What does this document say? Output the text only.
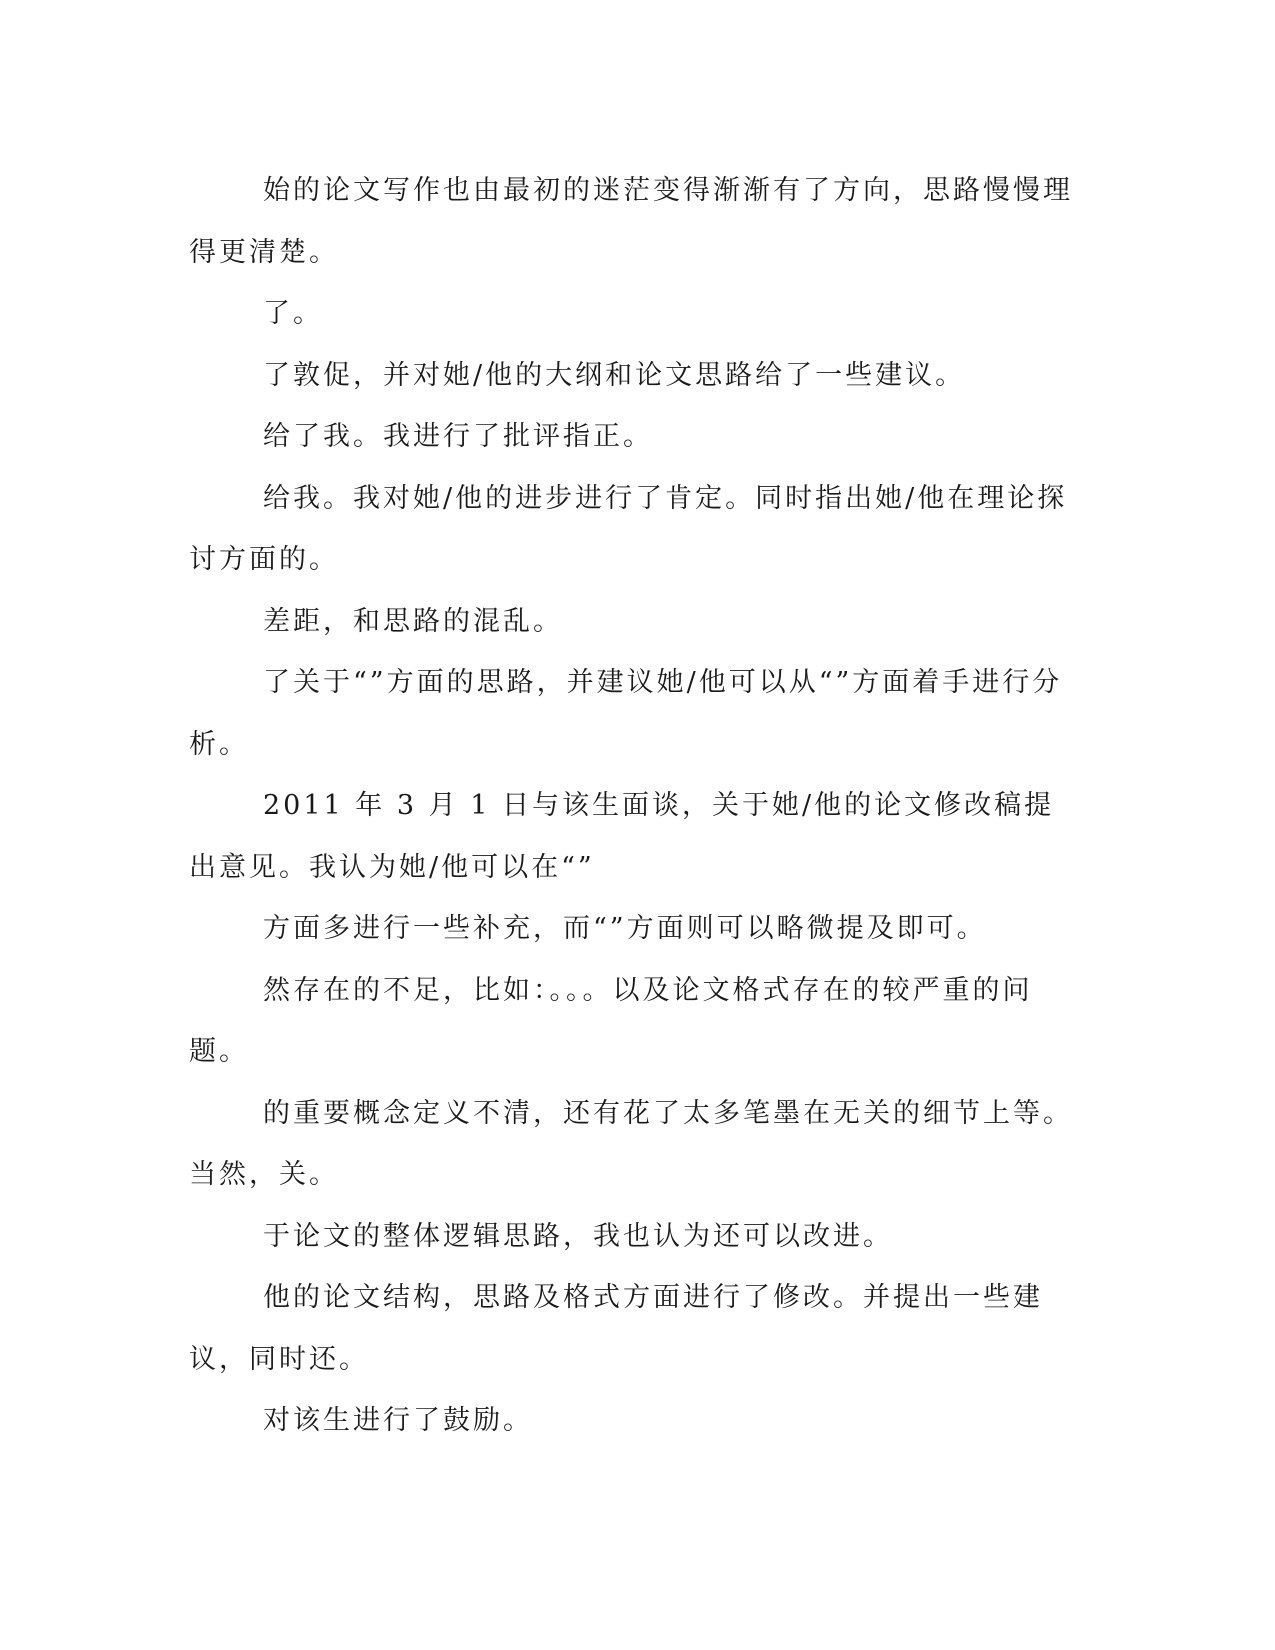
始的论文写作也由最初的迷茫变得渐渐有了方向，思路慢慢理得更清楚。

了。

了敦促，并对她/他的大纲和论文思路给了一些建议。

给了我。我进行了批评指正。

给我。我对她/他的进步进行了肯定。同时指出她/他在理论探讨方面的。

差距，和思路的混乱。

了关于“”方面的思路，并建议她/他可以从“”方面着手进行分析。

2011 年 3 月 1 日与该生面谈，关于她/他的论文修改稿提出意见。我认为她/他可以在“”

方面多进行一些补充，而“”方面则可以略微提及即可。

然存在的不足，比如：。。。以及论文格式存在的较严重的问题。

的重要概念定义不清，还有花了太多笔墨在无关的细节上等。当然，关。

于论文的整体逻辑思路，我也认为还可以改进。

他的论文结构，思路及格式方面进行了修改。并提出一些建议，同时还。

对该生进行了鼓励。
